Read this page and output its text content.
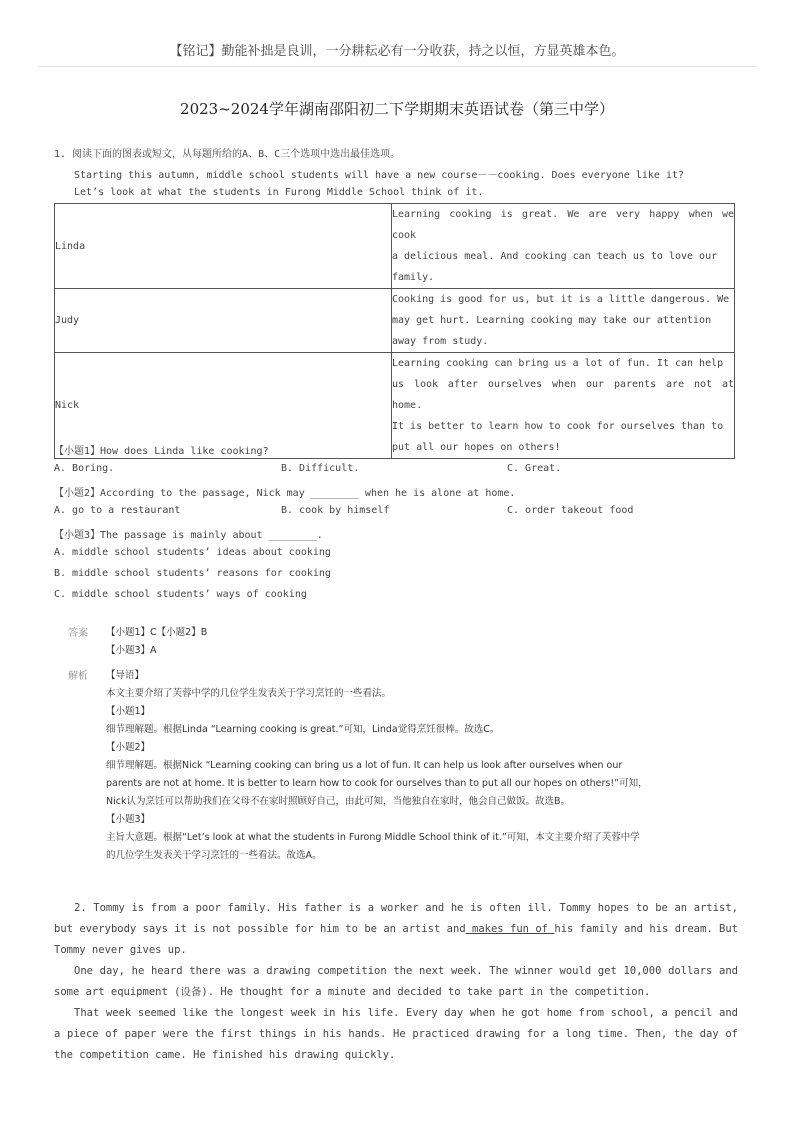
【铭记】勤能补拙是良训，一分耕耘必有一分收获，持之以恒，方显英雄本色。
2023~2024学年湖南邵阳初二下学期期末英语试卷（第三中学）
1. 阅读下面的图表或短文，从每题所给的A、B、C三个选项中选出最佳选项。
Starting this autumn, middle school students will have a new course－－cooking. Does everyone like it?
Let’s look at what the students in Furong Middle School think of it.
Linda	Learning cooking is great. We are very happy when we cook
a delicious meal. And cooking can teach us to love our
family.

Judy	Cooking is good for us, but it is a little dangerous. We
may get hurt. Learning cooking may take our attention
away from study.

Nick	Learning cooking can bring us a lot of fun. It can help
us look after ourselves when our parents are not at home.
It is better to learn how to cook for ourselves than to
put all our hopes on others!
【小题1】How does Linda like cooking?
A. Boring.	B. Difficult.	C. Great.
【小题2】According to the passage, Nick may ________ when he is alone at home.
A. go to a restaurant	B. cook by himself	C. order takeout food
【小题3】The passage is mainly about ________.
A. middle school students’ ideas about cooking
B. middle school students’ reasons for cooking
C. middle school students’ ways of cooking
答案 【小题1】C【小题2】B
【小题3】A
解析 【导语】
本文主要介绍了芙蓉中学的几位学生发表关于学习烹饪的一些看法。
【小题1】
细节理解题。根据Linda “Learning cooking is great.”可知，Linda觉得烹饪很棒。故选C。
【小题2】
细节理解题。根据Nick “Learning cooking can bring us a lot of fun. It can help us look after ourselves when our
parents are not at home. It is better to learn how to cook for ourselves than to put all our hopes on others!”可知，
Nick认为烹饪可以帮助我们在父母不在家时照顾好自己，由此可知，当他独自在家时，他会自己做饭。故选B。
【小题3】
主旨大意题。根据“Let’s look at what the students in Furong Middle School think of it.”可知，本文主要介绍了芙蓉中学
的几位学生发表关于学习烹饪的一些看法。故选A。
2. Tommy is from a poor family. His father is a worker and he is often ill. Tommy hopes to be an artist, but everybody says it is not possible for him to be an artist and makes fun of his family and his dream. But Tommy never gives up.
One day, he heard there was a drawing competition the next week. The winner would get 10,000 dollars and some art equipment (设备). He thought for a minute and decided to take part in the competition.
That week seemed like the longest week in his life. Every day when he got home from school, a pencil and a piece of paper were the first things in his hands. He practiced drawing for a long time. Then, the day of the competition came. He finished his drawing quickly.
